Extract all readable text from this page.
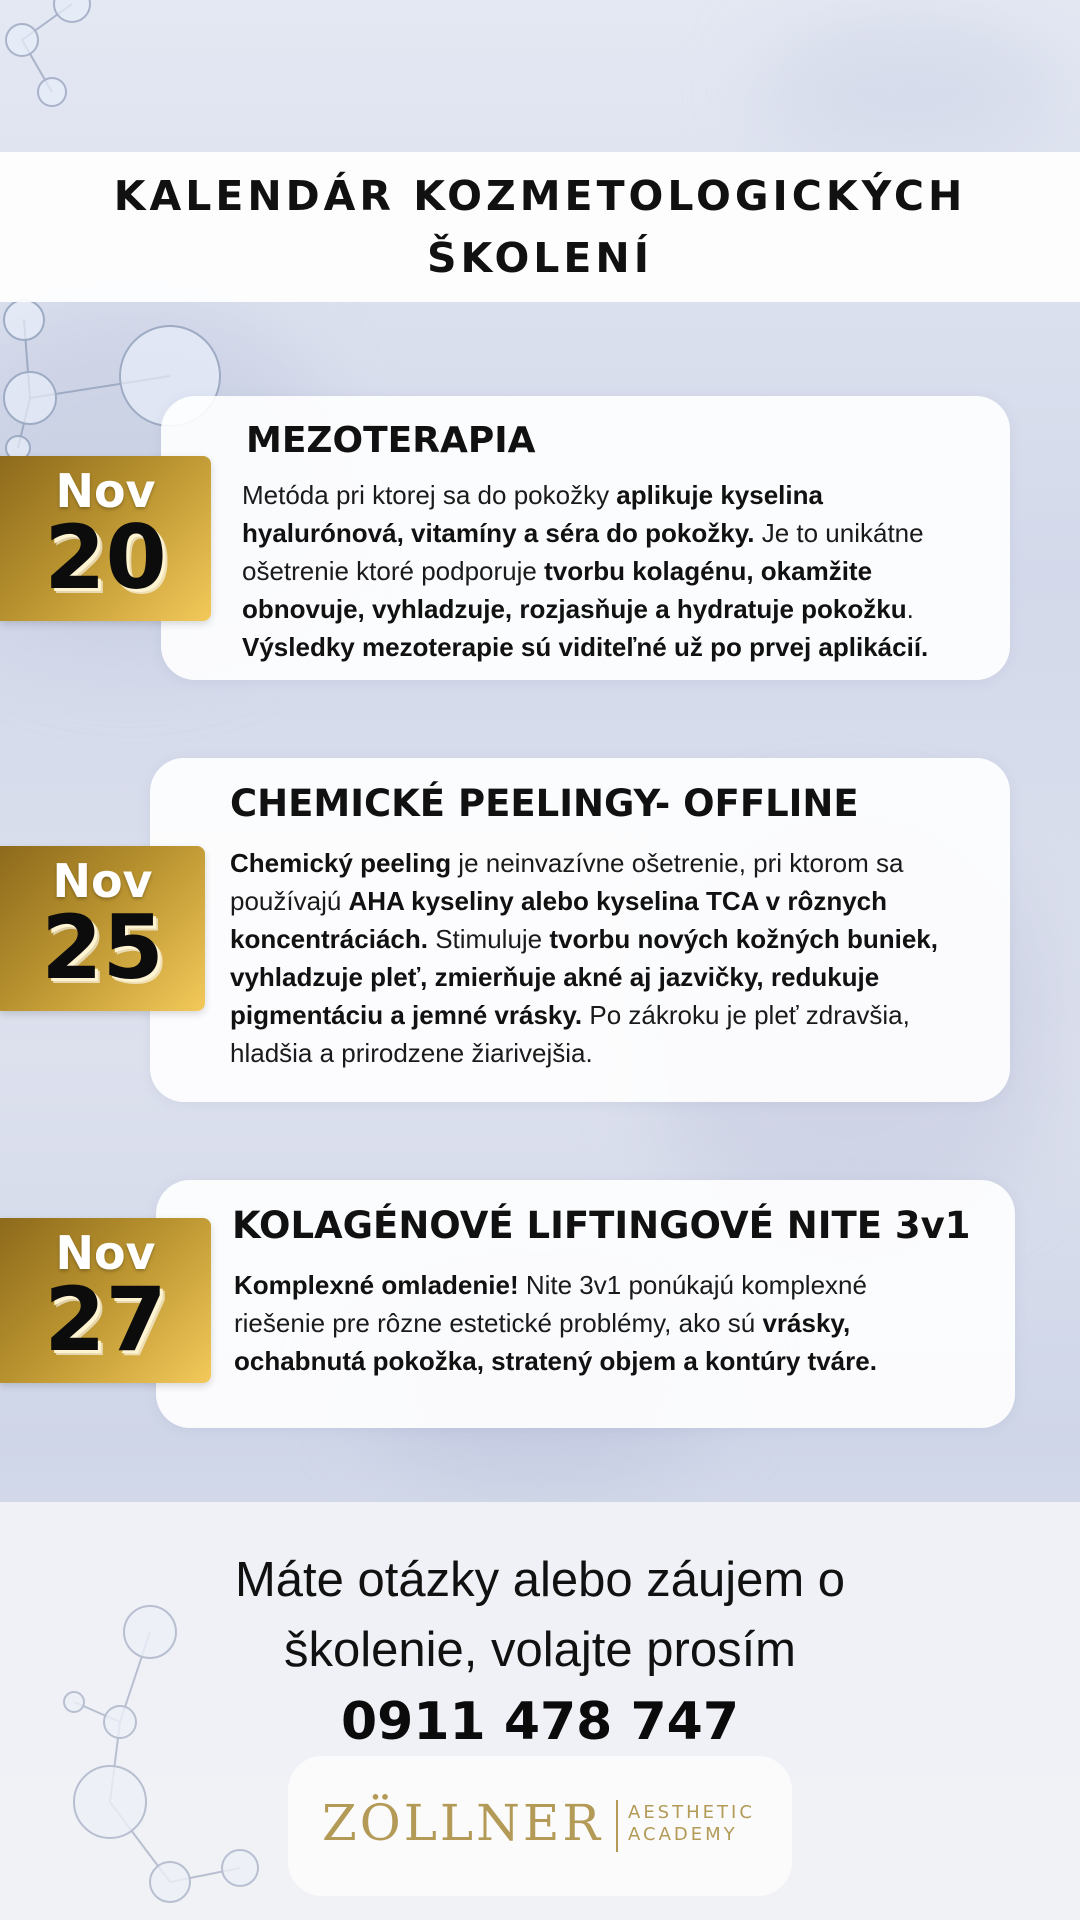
KALENDÁR KOZMETOLOGICKÝCH ŠKOLENÍ
MEZOTERAPIA

Metóda pri ktorej sa do pokožky aplikuje kyselina hyalurónová, vitamíny a séra do pokožky. Je to unikátne ošetrenie ktoré podporuje tvorbu kolagénu, okamžite obnovuje, vyhladzuje, rozjasňuje a hydratuje pokožku. Výsledky mezoterapie sú viditeľné už po prvej aplikácií.

Nov
20
CHEMICKÉ PEELINGY- OFFLINE

Chemický peeling je neinvazívne ošetrenie, pri ktorom sa používajú AHA kyseliny alebo kyselina TCA v rôznych koncentráciách. Stimuluje tvorbu nových kožných buniek, vyhladzuje pleť, zmierňuje akné aj jazvičky, redukuje pigmentáciu a jemné vrásky. Po zákroku je pleť zdravšia, hladšia a prirodzene žiarivejšia.

Nov
25
KOLAGÉNOVÉ LIFTINGOVÉ NITE 3v1

Komplexné omladenie! Nite 3v1 ponúkajú komplexné riešenie pre rôzne estetické problémy, ako sú vrásky, ochabnutá pokožka, stratený objem a kontúry tváre.

Nov
27
Máte otázky alebo záujem o
školenie, volajte prosím
0911 478 747
ZÖLLNER AESTHETIC
ACADEMY
